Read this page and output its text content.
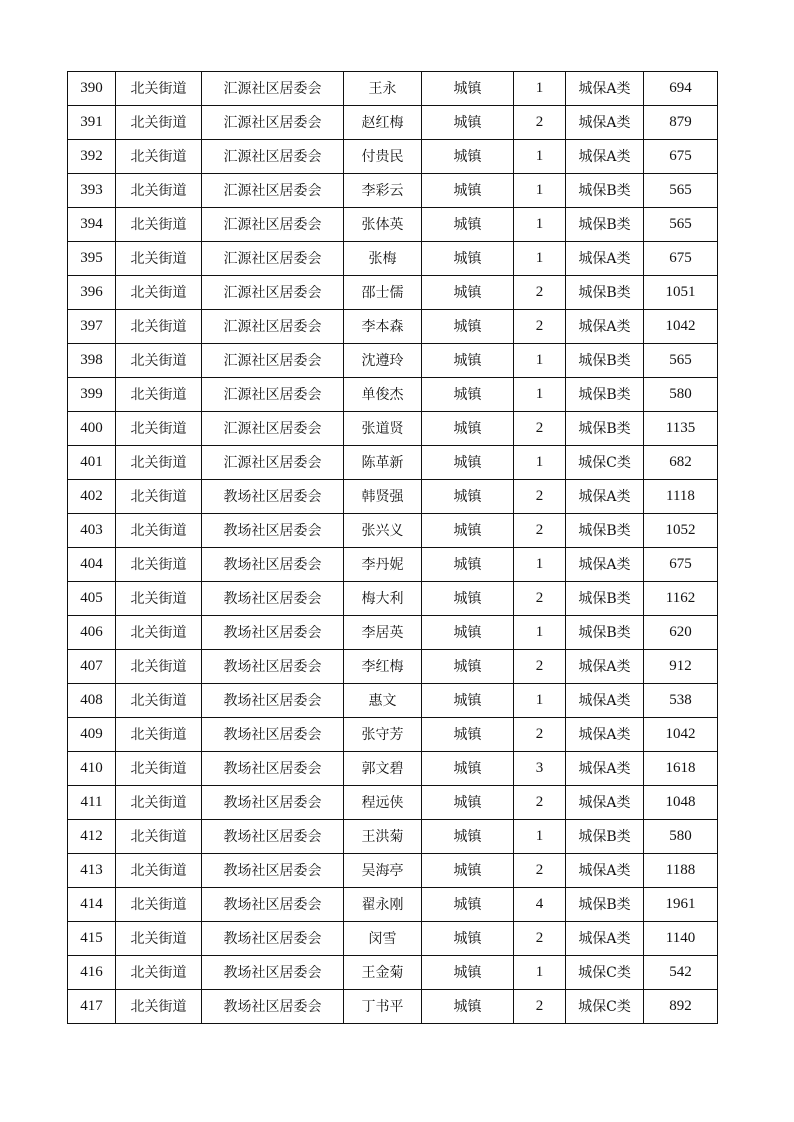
390	北关街道	汇源社区居委会	王永	城镇	1	城保A类	694
391	北关街道	汇源社区居委会	赵红梅	城镇	2	城保A类	879
392	北关街道	汇源社区居委会	付贵民	城镇	1	城保A类	675
393	北关街道	汇源社区居委会	李彩云	城镇	1	城保B类	565
394	北关街道	汇源社区居委会	张体英	城镇	1	城保B类	565
395	北关街道	汇源社区居委会	张梅	城镇	1	城保A类	675
396	北关街道	汇源社区居委会	邵士儒	城镇	2	城保B类	1051
397	北关街道	汇源社区居委会	李本森	城镇	2	城保A类	1042
398	北关街道	汇源社区居委会	沈遵玲	城镇	1	城保B类	565
399	北关街道	汇源社区居委会	单俊杰	城镇	1	城保B类	580
400	北关街道	汇源社区居委会	张道贤	城镇	2	城保B类	1135
401	北关街道	汇源社区居委会	陈革新	城镇	1	城保C类	682
402	北关街道	教场社区居委会	韩贤强	城镇	2	城保A类	1118
403	北关街道	教场社区居委会	张兴义	城镇	2	城保B类	1052
404	北关街道	教场社区居委会	李丹妮	城镇	1	城保A类	675
405	北关街道	教场社区居委会	梅大利	城镇	2	城保B类	1162
406	北关街道	教场社区居委会	李居英	城镇	1	城保B类	620
407	北关街道	教场社区居委会	李红梅	城镇	2	城保A类	912
408	北关街道	教场社区居委会	惠文	城镇	1	城保A类	538
409	北关街道	教场社区居委会	张守芳	城镇	2	城保A类	1042
410	北关街道	教场社区居委会	郭文碧	城镇	3	城保A类	1618
411	北关街道	教场社区居委会	程远侠	城镇	2	城保A类	1048
412	北关街道	教场社区居委会	王洪菊	城镇	1	城保B类	580
413	北关街道	教场社区居委会	吴海亭	城镇	2	城保A类	1188
414	北关街道	教场社区居委会	翟永刚	城镇	4	城保B类	1961
415	北关街道	教场社区居委会	闵雪	城镇	2	城保A类	1140
416	北关街道	教场社区居委会	王金菊	城镇	1	城保C类	542
417	北关街道	教场社区居委会	丁书平	城镇	2	城保C类	892
